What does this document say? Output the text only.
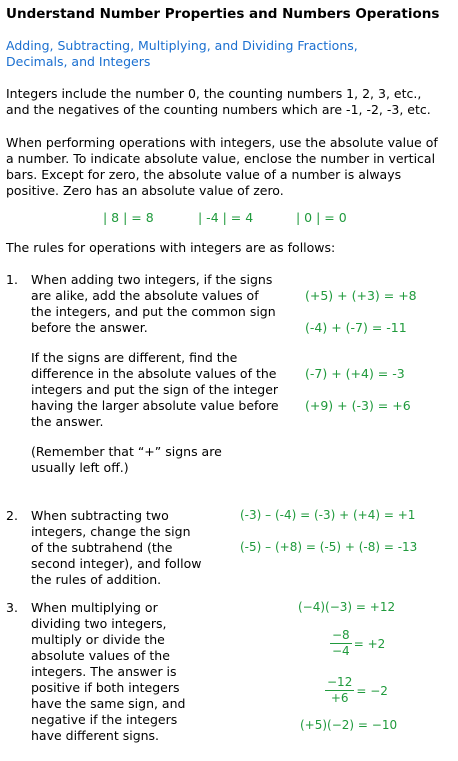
Understand Number Properties and Numbers Operations
Adding, Subtracting, Multiplying, and Dividing Fractions,
Decimals, and Integers
Integers include the number 0, the counting numbers 1, 2, 3, etc.,
and the negatives of the counting numbers which are -1, -2, -3, etc.
When performing operations with integers, use the absolute value of
a number. To indicate absolute value, enclose the number in vertical
bars. Except for zero, the absolute value of a number is always
positive. Zero has an absolute value of zero.
| 8 | = 8	| -4 | = 4	| 0 | = 0
The rules for operations with integers are as follows:
1. When adding two integers, if the signs
are alike, add the absolute values of
the integers, and put the common sign
before the answer.
(+5) + (+3) = +8
(-4) + (-7) = -11
If the signs are different, find the
difference in the absolute values of the
integers and put the sign of the integer
having the larger absolute value before
the answer.
(-7) + (+4) = -3
(+9) + (-3) = +6
(Remember that “+” signs are
usually left off.)
2. When subtracting two
integers, change the sign
of the subtrahend (the
second integer), and follow
the rules of addition.
(-3) – (-4) = (-3) + (+4) = +1
(-5) – (+8) = (-5) + (-8) = -13
3. When multiplying or
dividing two integers,
multiply or divide the
absolute values of the
integers. The answer is
positive if both integers
have the same sign, and
negative if the integers
have different signs.
(−4)(−3) = +12
$\frac{-8}{-4} = +2$
$\frac{-12}{+6} = -2$
(+5)(−2) = −10
